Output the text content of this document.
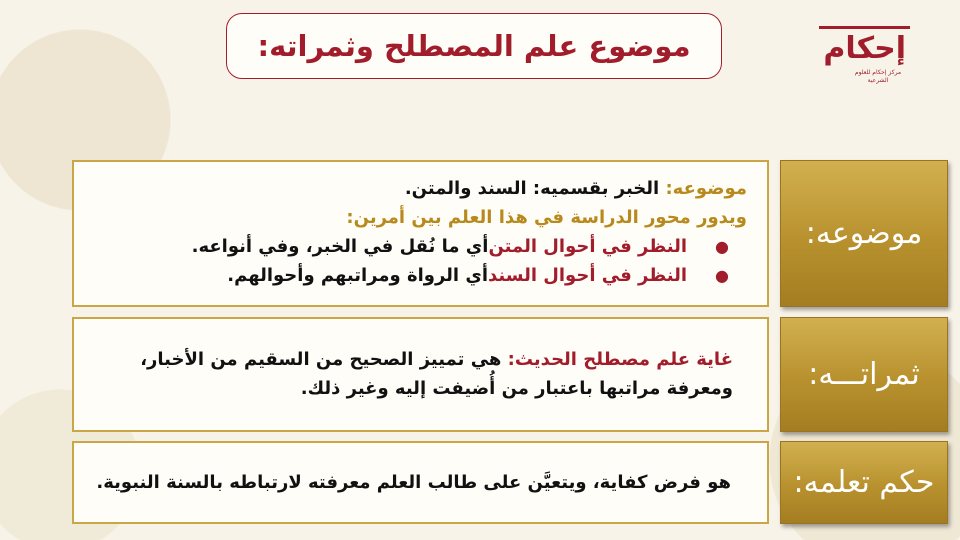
موضوع علم المصطلح وثمراته:	إحكام
مركز إحكام للعلوم الشرعية
موضوعه:
موضوعه: الخبر بقسميه: السند والمتن.
ويدور محور الدراسة في هذا العلم بين أمرين:
●
النظر في أحوال المتن
أي ما نُقل في الخبر، وفي أنواعه.
●
النظر في أحوال السند
أي الرواة ومراتبهم وأحوالهم.
ثمراتـــه:
غاية علم مصطلح الحديث: هي تمييز الصحيح من السقيم من الأخبار،
ومعرفة مراتبها باعتبار من أُضيفت إليه وغير ذلك.
حكم تعلمه:
هو فرض كفاية، ويتعيَّن على طالب العلم معرفته لارتباطه بالسنة النبوية.
